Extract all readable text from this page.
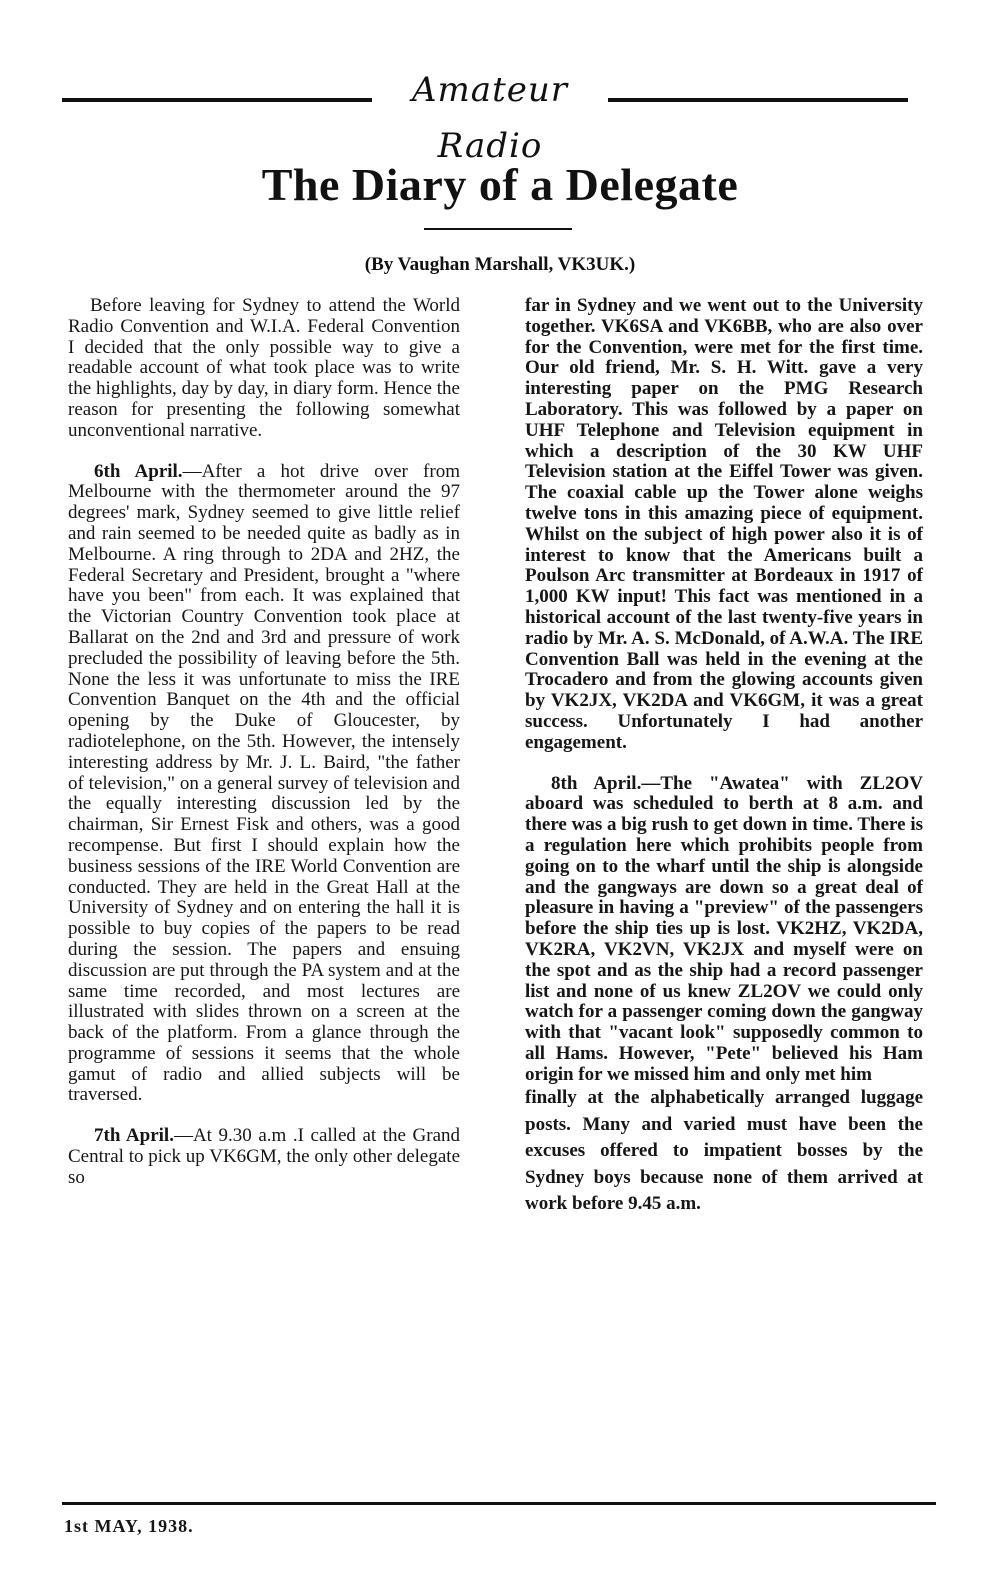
Amateur Radio
The Diary of a Delegate
(By Vaughan Marshall, VK3UK.)

Before leaving for Sydney to attend the World Radio Convention and W.I.A. Federal Convention I decided that the only possible way to give a readable account of what took place was to write the highlights, day by day, in diary form. Hence the reason for presenting the following somewhat unconventional narrative.

6th April.—After a hot drive over from Melbourne with the thermometer around the 97 degrees' mark, Sydney seemed to give little relief and rain seemed to be needed quite as badly as in Melbourne. A ring through to 2DA and 2HZ, the Federal Secretary and President, brought a "where have you been" from each. It was explained that the Victorian Country Convention took place at Ballarat on the 2nd and 3rd and pressure of work precluded the possibility of leaving before the 5th. None the less it was unfortunate to miss the IRE Convention Banquet on the 4th and the official opening by the Duke of Gloucester, by radiotelephone, on the 5th. However, the intensely interesting address by Mr. J. L. Baird, "the father of television," on a general survey of television and the equally interesting discussion led by the chairman, Sir Ernest Fisk and others, was a good recompense. But first I should explain how the business sessions of the IRE World Convention are conducted. They are held in the Great Hall at the University of Sydney and on entering the hall it is possible to buy copies of the papers to be read during the session. The papers and ensuing discussion are put through the PA system and at the same time recorded, and most lectures are illustrated with slides thrown on a screen at the back of the platform. From a glance through the programme of sessions it seems that the whole gamut of radio and allied subjects will be traversed.

7th April.—At 9.30 a.m .I called at the Grand Central to pick up VK6GM, the only other delegate so

far in Sydney and we went out to the University together. VK6SA and VK6BB, who are also over for the Convention, were met for the first time. Our old friend, Mr. S. H. Witt. gave a very interesting paper on the PMG Research Laboratory. This was followed by a paper on UHF Telephone and Television equipment in which a description of the 30 KW UHF Television station at the Eiffel Tower was given. The coaxial cable up the Tower alone weighs twelve tons in this amazing piece of equipment. Whilst on the subject of high power also it is of interest to know that the Americans built a Poulson Arc transmitter at Bordeaux in 1917 of 1,000 KW input! This fact was mentioned in a historical account of the last twenty-five years in radio by Mr. A. S. McDonald, of A.W.A. The IRE Convention Ball was held in the evening at the Trocadero and from the glowing accounts given by VK2JX, VK2DA and VK6GM, it was a great success. Unfortunately I had another engagement.

8th April.—The "Awatea" with ZL2OV aboard was scheduled to berth at 8 a.m. and there was a big rush to get down in time. There is a regulation here which prohibits people from going on to the wharf until the ship is alongside and the gangways are down so a great deal of pleasure in having a "preview" of the passengers before the ship ties up is lost. VK2HZ, VK2DA, VK2RA, VK2VN, VK2JX and myself were on the spot and as the ship had a record passenger list and none of us knew ZL2OV we could only watch for a passenger coming down the gangway with that "vacant look" supposedly common to all Hams. However, "Pete" believed his Ham origin for we missed him and only met him

finally at the alphabetically arranged luggage posts. Many and varied must have been the excuses offered to impatient bosses by the Sydney boys because none of them arrived at work before 9.45 a.m.

1st MAY, 1938.
